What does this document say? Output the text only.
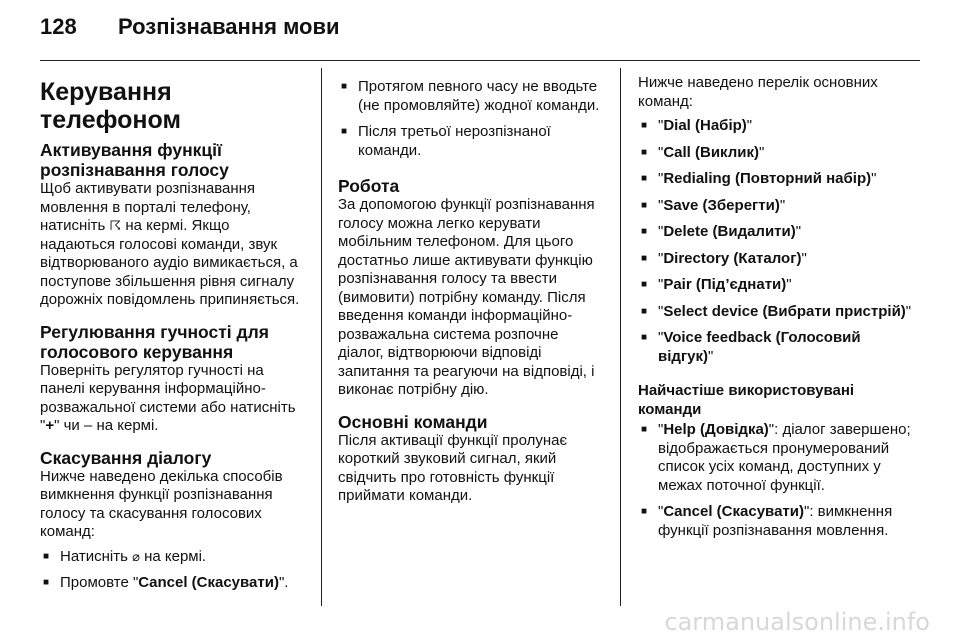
128	Розпізнавання мови
Керування телефоном
Активування функції розпізнавання голосу

Щоб активувати розпізнавання мовлення в порталі телефону, натисніть ☈ на кермі. Якщо надаються голосові команди, звук відтворюваного аудіо вимикається, а поступове збільшення рівня сигналу дорожніх повідомлень припиняється.

Регулювання гучності для голосового керування

Поверніть регулятор гучності на панелі керування інформаційно-розважальної системи або натисніть "+" чи – на кермі.

Скасування діалогу

Нижче наведено декілька способів вимкнення функції розпізнавання голосу та скасування голосових команд:

■ Натисніть ⌀ на кермі.
■ Промовте "Cancel (Скасувати)".
■ Протягом певного часу не вводьте (не промовляйте) жодної команди.
■ Після третьої нерозпізнаної команди.
Робота

За допомогою функції розпізнавання голосу можна легко керувати мобільним телефоном. Для цього достатньо лише активувати функцію розпізнавання голосу та ввести (вимовити) потрібну команду. Після введення команди інформаційно-розважальна система розпочне діалог, відтворюючи відповіді запитання та реагуючи на відповіді, і виконає потрібну дію.

Основні команди

Після активації функції пролунає короткий звуковий сигнал, який свідчить про готовність функції приймати команди.

Нижче наведено перелік основних команд:

■ "Dial (Набір)"
■ "Call (Виклик)"
■ "Redialing (Повторний набір)"
■ "Save (Зберегти)"
■ "Delete (Видалити)"
■ "Directory (Каталог)"
■ "Pair (Під’єднати)"
■ "Select device (Вибрати пристрій)"
■ "Voice feedback (Голосовий відгук)"
Найчастіше використовувані команди
■ "Help (Довідка)": діалог завершено; відображається пронумерований список усіх команд, доступних у межах поточної функції.
■ "Cancel (Скасувати)": вимкнення функції розпізнавання мовлення.
carmanualsonline.info
